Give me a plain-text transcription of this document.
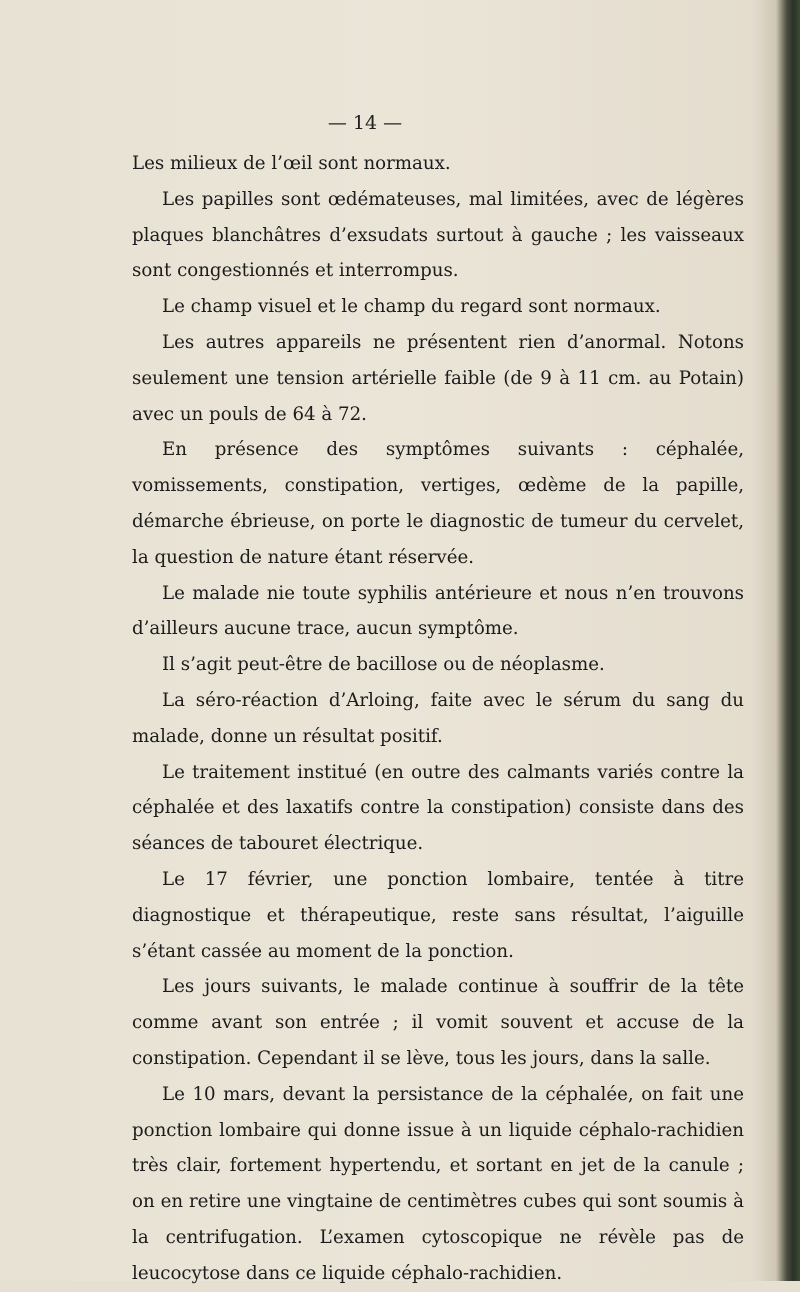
— 14 —

Les milieux de l’œil sont normaux.

Les papilles sont œdémateuses, mal limitées, avec de légères plaques blanchâtres d’exsudats surtout à gauche ; les vaisseaux sont congestionnés et interrompus.

Le champ visuel et le champ du regard sont normaux.

Les autres appareils ne présentent rien d’anormal. Notons seulement une tension artérielle faible (de 9 à 11 cm. au Potain) avec un pouls de 64 à 72.

En présence des symptômes suivants : céphalée, vomissements, constipation, vertiges, œdème de la papille, démarche ébrieuse, on porte le diagnostic de tumeur du cervelet, la question de nature étant réservée.

Le malade nie toute syphilis antérieure et nous n’en trouvons d’ailleurs aucune trace, aucun symptôme.

Il s’agit peut-être de bacillose ou de néoplasme.

La séro-réaction d’Arloing, faite avec le sérum du sang du malade, donne un résultat positif.

Le traitement institué (en outre des calmants variés contre la céphalée et des laxatifs contre la constipation) consiste dans des séances de tabouret électrique.

Le 17 février, une ponction lombaire, tentée à titre diagnostique et thérapeutique, reste sans résultat, l’aiguille s’étant cassée au moment de la ponction.

Les jours suivants, le malade continue à souffrir de la tête comme avant son entrée ; il vomit souvent et accuse de la constipation. Cependant il se lève, tous les jours, dans la salle.

Le 10 mars, devant la persistance de la céphalée, on fait une ponction lombaire qui donne issue à un liquide céphalo-rachidien très clair, fortement hypertendu, et sortant en jet de la canule ; on en retire une vingtaine de centimètres cubes qui sont soumis à la centrifugation. L’examen cytoscopique ne révèle pas de leucocytose dans ce liquide céphalo-rachidien.
